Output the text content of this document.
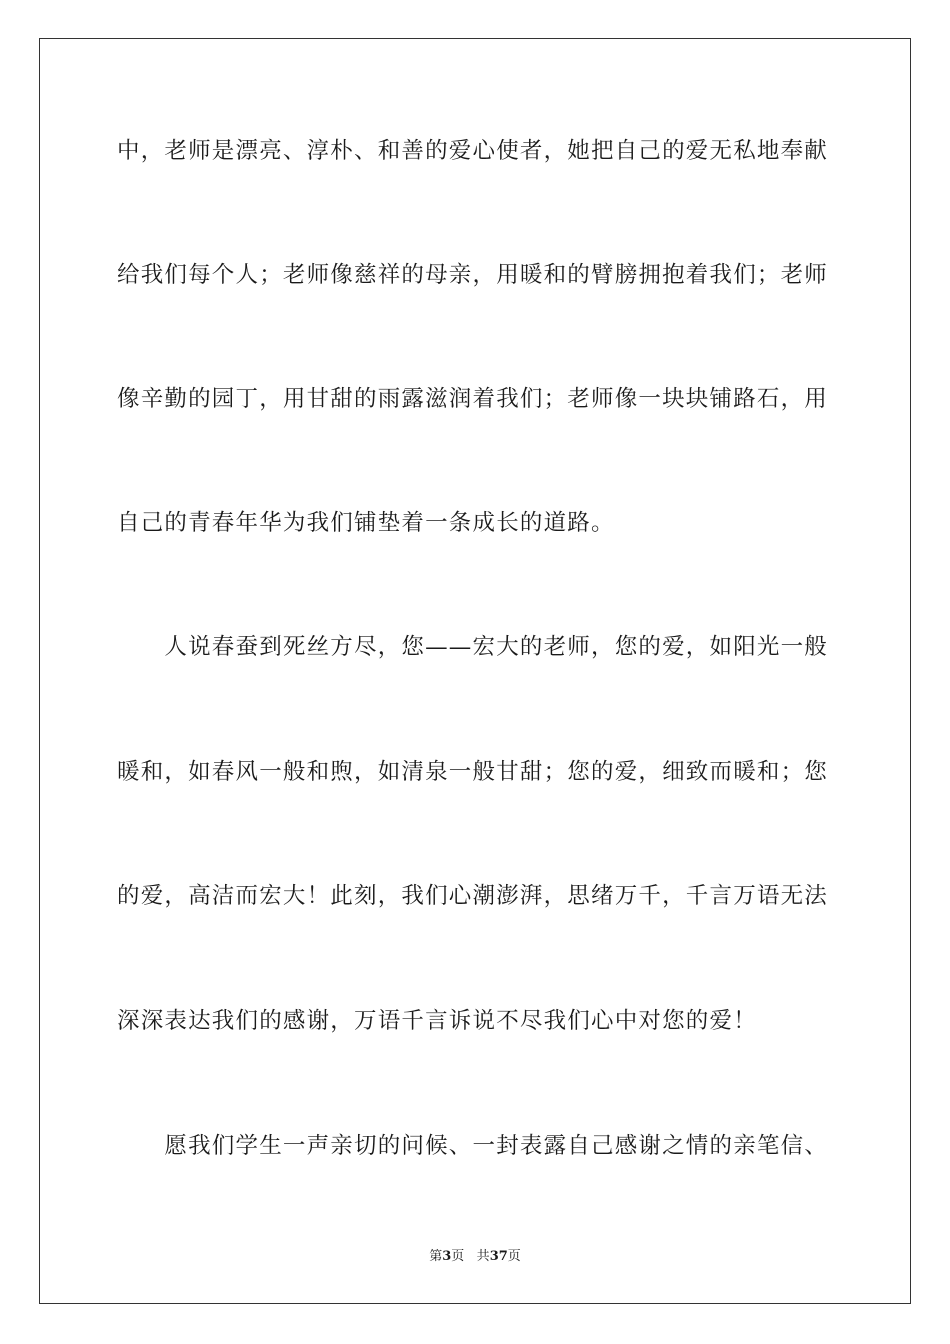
中，老师是漂亮、淳朴、和善的爱心使者，她把自己的爱无私地奉献
给我们每个人；老师像慈祥的母亲，用暖和的臂膀拥抱着我们；老师
像辛勤的园丁，用甘甜的雨露滋润着我们；老师像一块块铺路石，用
自己的青春年华为我们铺垫着一条成长的道路。
　　人说春蚕到死丝方尽，您——宏大的老师，您的爱，如阳光一般
暖和，如春风一般和煦，如清泉一般甘甜；您的爱，细致而暖和；您
的爱，高洁而宏大！此刻，我们心潮澎湃，思绪万千，千言万语无法
深深表达我们的感谢，万语千言诉说不尽我们心中对您的爱！
　　愿我们学生一声亲切的问候、一封表露自己感谢之情的亲笔信、
第3页 共37页
